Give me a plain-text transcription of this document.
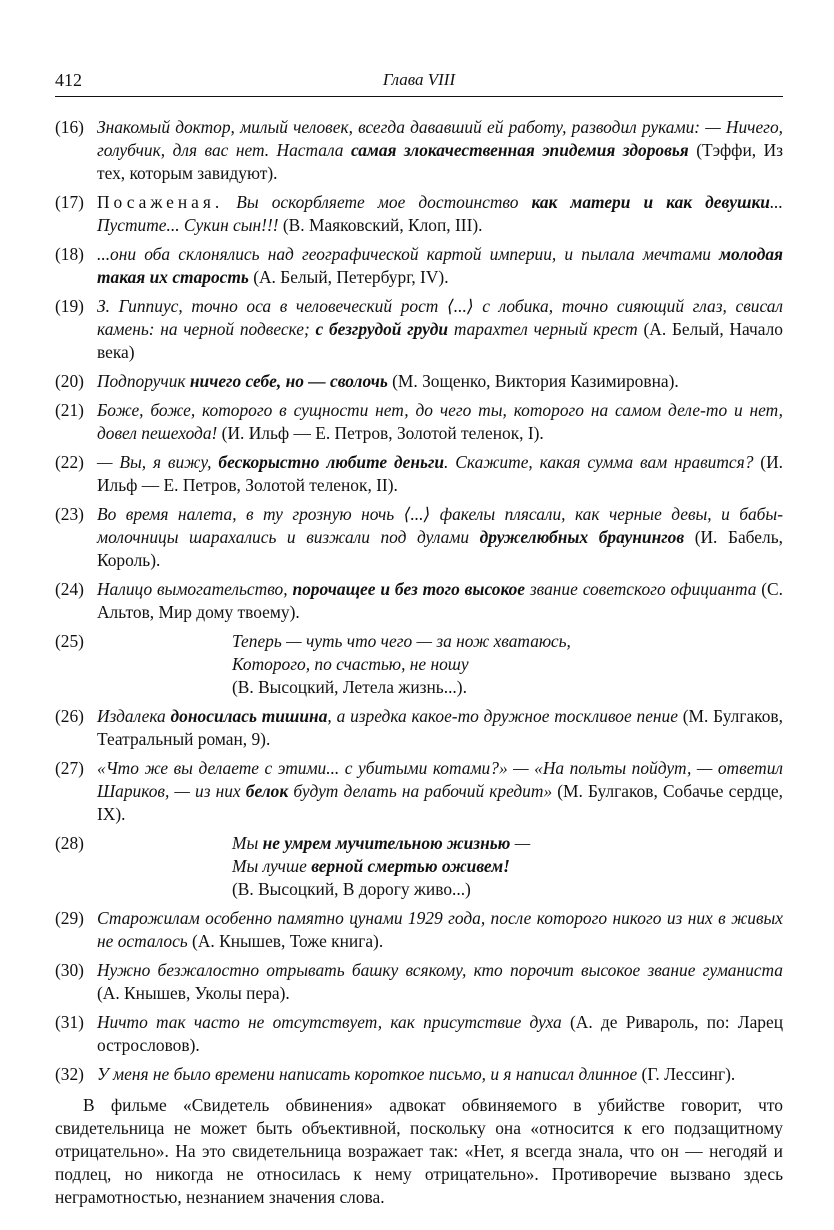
412	Глава VIII
(16) Знакомый доктор, милый человек, всегда дававший ей работу, разводил руками: — Ничего, голубчик, для вас нет. Настала самая злокачественная эпидемия здоровья (Тэффи, Из тех, которым завидуют).
(17) Посаженая. Вы оскорбляете мое достоинство как матери и как девушки... Пустите... Сукин сын!!! (В. Маяковский, Клоп, III).
(18) ...они оба склонялись над географической картой империи, и пылала мечтами молодая такая их старость (А. Белый, Петербург, IV).
(19) З. Гиппиус, точно оса в человеческий рост ⟨...⟩ с лобика, точно сияющий глаз, свисал камень: на черной подвеске; с безгрудой груди тарахтел черный крест (А. Белый, Начало века)
(20) Подпоручик ничего себе, но — сволочь (М. Зощенко, Виктория Казимировна).
(21) Боже, боже, которого в сущности нет, до чего ты, которого на самом деле-то и нет, довел пешехода! (И. Ильф — Е. Петров, Золотой теленок, I).
(22) — Вы, я вижу, бескорыстно любите деньги. Скажите, какая сумма вам нравится? (И. Ильф — Е. Петров, Золотой теленок, II).
(23) Во время налета, в ту грозную ночь ⟨...⟩ факелы плясали, как черные девы, и бабы-молочницы шарахались и визжали под дулами дружелюбных браунингов (И. Бабель, Король).
(24) Налицо вымогательство, порочащее и без того высокое звание советского официанта (С. Альтов, Мир дому твоему).
(25)	Теперь — чуть что чего — за нож хватаюсь,
Которого, по счастью, не ношу
(В. Высоцкий, Летела жизнь...).
(26) Издалека доносилась тишина, а изредка какое-то дружное тоскливое пение (М. Булгаков, Театральный роман, 9).
(27) «Что же вы делаете с этими... с убитыми котами?» — «На польты пойдут, — ответил Шариков, — из них белок будут делать на рабочий кредит» (М. Булгаков, Собачье сердце, IX).
(28)	Мы не умрем мучительною жизнью —
Мы лучше верной смертью оживем!
(В. Высоцкий, В дорогу живо...)
(29) Старожилам особенно памятно цунами 1929 года, после которого никого из них в живых не осталось (А. Кнышев, Тоже книга).
(30) Нужно безжалостно отрывать башку всякому, кто порочит высокое звание гуманиста (А. Кнышев, Уколы пера).
(31) Ничто так часто не отсутствует, как присутствие духа (А. де Ривароль, по: Ларец острословов).
(32) У меня не было времени написать короткое письмо, и я написал длинное (Г. Лессинг).

В фильме «Свидетель обвинения» адвокат обвиняемого в убийстве говорит, что свидетельница не может быть объективной, поскольку она «относится к его подзащитному отрицательно». На это свидетельница возражает так: «Нет, я всегда знала, что он — негодяй и подлец, но никогда не относилась к нему отрицательно». Противоречие вызвано здесь неграмотностью, незнанием значения слова.
